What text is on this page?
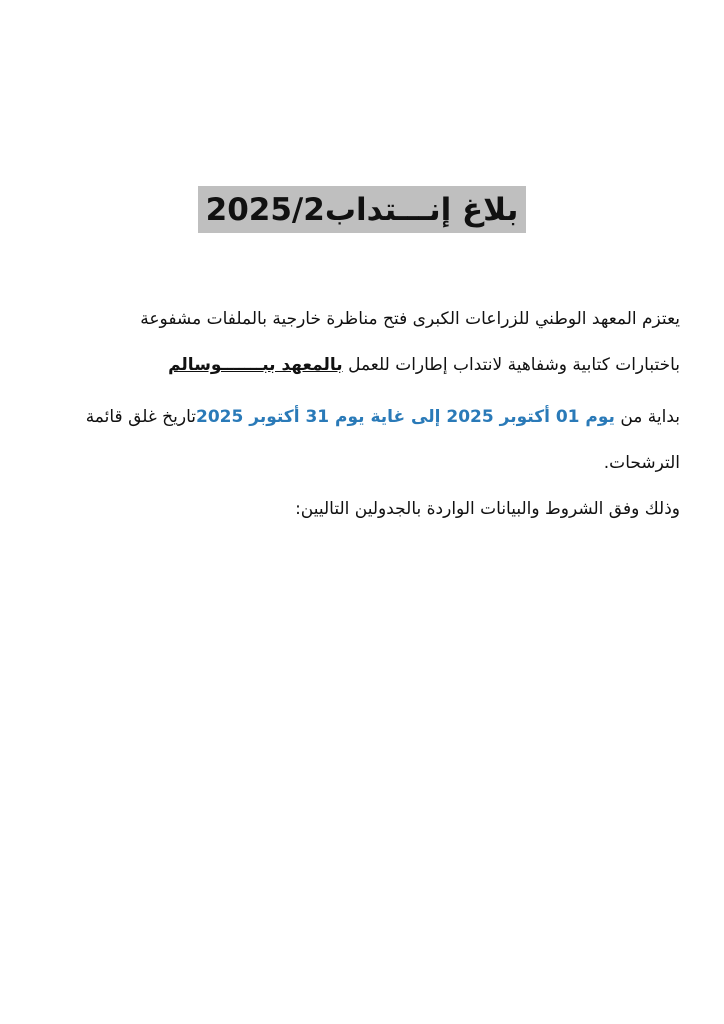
بلاغ إنـــتداب2025/2

يعتزم المعهد الوطني للزراعات الكبرى فتح مناظرة خارجية بالملفات مشفوعة
باختبارات كتابية وشفاهية لانتداب إطارات للعمل بالمعهد ببـــــــوسالم

بداية من يوم 01 أكتوبر 2025 إلى غاية يوم 31 أكتوبر 2025تاريخ غلق قائمة
الترشحات.

وذلك وفق الشروط والبيانات الواردة بالجدولين التاليين:
